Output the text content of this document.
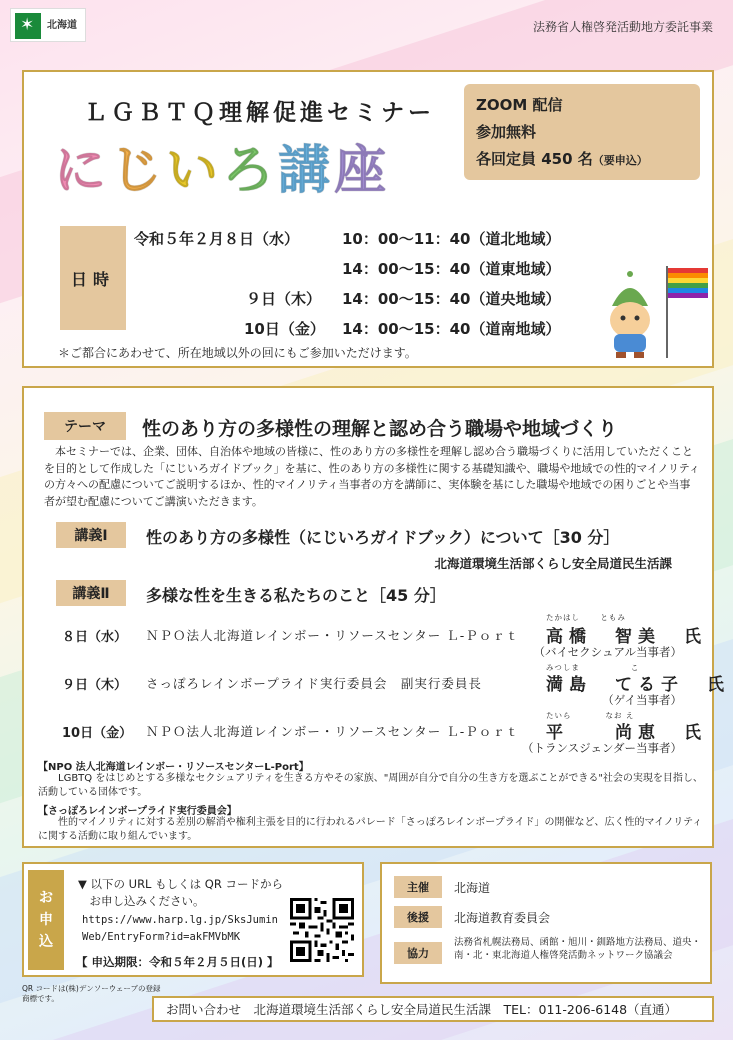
✶
北海道	法務省人権啓発活動地方委託事業
ＬＧＢＴＱ理解促進セミナー
にじいろ講座
ZOOM 配信
参加無料
各回定員 450 名（要申込）
日時
令和５年２月８日（水）	10：00～11：40（道北地域）
14：00～15：40（道東地域）
９日（木） 14：00～15：40（道央地域）
10日（金） 14：00～15：40（道南地域）
＊ご都合にあわせて、所在地域以外の回にもご参加いただけます。
テーマ	性のあり方の多様性の理解と認め合う職場や地域づくり
本セミナーでは、企業、団体、自治体や地域の皆様に、性のあり方の多様性を理解し認め合う職場づくりに活用していただくことを目的として作成した「にじいろガイドブック」を基に、性のあり方の多様性に関する基礎知識や、職場や地域での性的マイノリティの方々への配慮についてご説明するほか、性的マイノリティ当事者の方を講師に、実体験を基にした職場や地域での困りごとや当事者が望む配慮についてご講演いただきます。
講義Ⅰ	性のあり方の多様性（にじいろガイドブック）について［30 分］
北海道環境生活部くらし安全局道民生活課
講義Ⅱ	多様な性を生きる私たちのこと［45 分］
８日（水） ＮＰＯ法人北海道レインボー・リソースセンター Ｌ-Ｐｏｒｔ
たかはし　　 ともみ
高橋　智美　氏
（バイセクシュアル当事者）
９日（木） さっぽろレインボープライド実行委員会　副実行委員長
みつしま　　　　　　こ
満島　てる子　氏
（ゲイ当事者）
10日（金） ＮＰＯ法人北海道レインボー・リソースセンター Ｌ-Ｐｏｒｔ
たいら　　　　なお え
平　　尚恵　氏
（トランスジェンダー当事者）
【NPO 法人北海道レインボー・リソースセンターL-Port】
LGBTQ をはじめとする多様なセクシュアリティを生きる方やその家族、"周囲が自分で自分の生き方を選ぶことができる"社会の実現を目指し、活動している団体です。
【さっぽろレインボープライド実行委員会】
性的マイノリティに対する差別の解消や権利主張を目的に行われるパレード「さっぽろレインボープライド」の開催など、広く性的マイノリティに関する活動に取り組んでいます。
お
申
込
▼ 以下の URL もしくは QR コードから
　お申し込みください。
https://www.harp.lg.jp/SksJumin
Web/EntryForm?id=akFMVbMK
【 申込期限：令和５年２月５日(日) 】
QR コードは(株)デンソーウェーブの登録商標です。
主催	北海道
後援	北海道教育委員会
協力
法務省札幌法務局、函館・旭川・釧路地方法務局、道央・南・北・東北海道人権啓発活動ネットワーク協議会
お問い合わせ　北海道環境生活部くらし安全局道民生活課　TEL：011-206-6148（直通）
